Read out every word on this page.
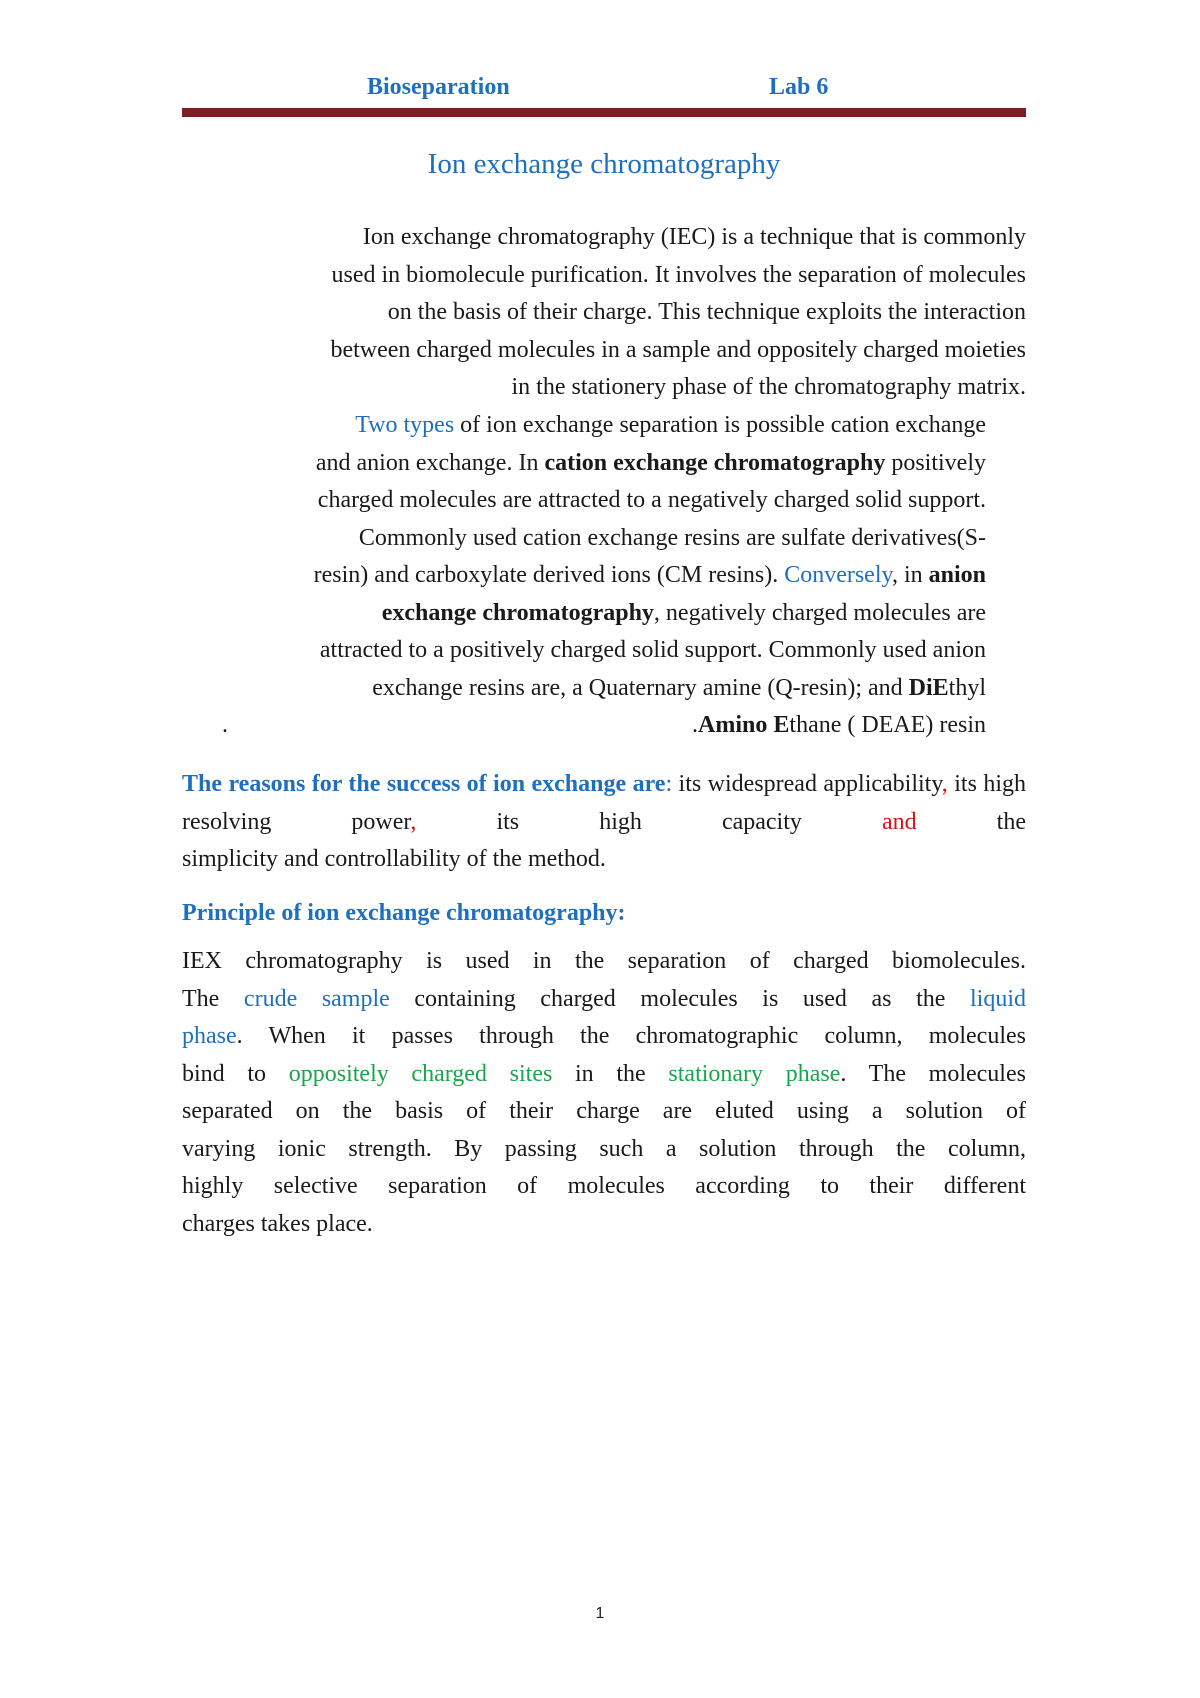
Bioseparation	Lab 6
Ion exchange chromatography
Ion exchange chromatography (IEC) is a technique that is commonly
used in biomolecule purification. It involves the separation of molecules
on the basis of their charge. This technique exploits the interaction
between charged molecules in a sample and oppositely charged moieties
in the stationery phase of the chromatography matrix.
Two types of ion exchange separation is possible cation exchange
and anion exchange. In cation exchange chromatography positively
charged molecules are attracted to a negatively charged solid support.
Commonly used cation exchange resins are sulfate derivatives(S-
resin) and carboxylate derived ions (CM resins). Conversely, in anion
exchange chromatography, negatively charged molecules are
attracted to a positively charged solid support. Commonly used anion
exchange resins are, a Quaternary amine (Q-resin); and DiEthyl
.	.Amino Ethane ( DEAE) resin
The reasons for the success of ion exchange are: its widespread applicability, its high resolving power, its high capacity and the
simplicity and controllability of the method.
Principle of ion exchange chromatography:
IEX chromatography is used in the separation of charged biomolecules.
The crude sample containing charged molecules is used as the liquid
phase. When it passes through the chromatographic column, molecules
bind to oppositely charged sites in the stationary phase. The molecules
separated on the basis of their charge are eluted using a solution of
varying ionic strength. By passing such a solution through the column,
highly selective separation of molecules according to their different
charges takes place.
1
